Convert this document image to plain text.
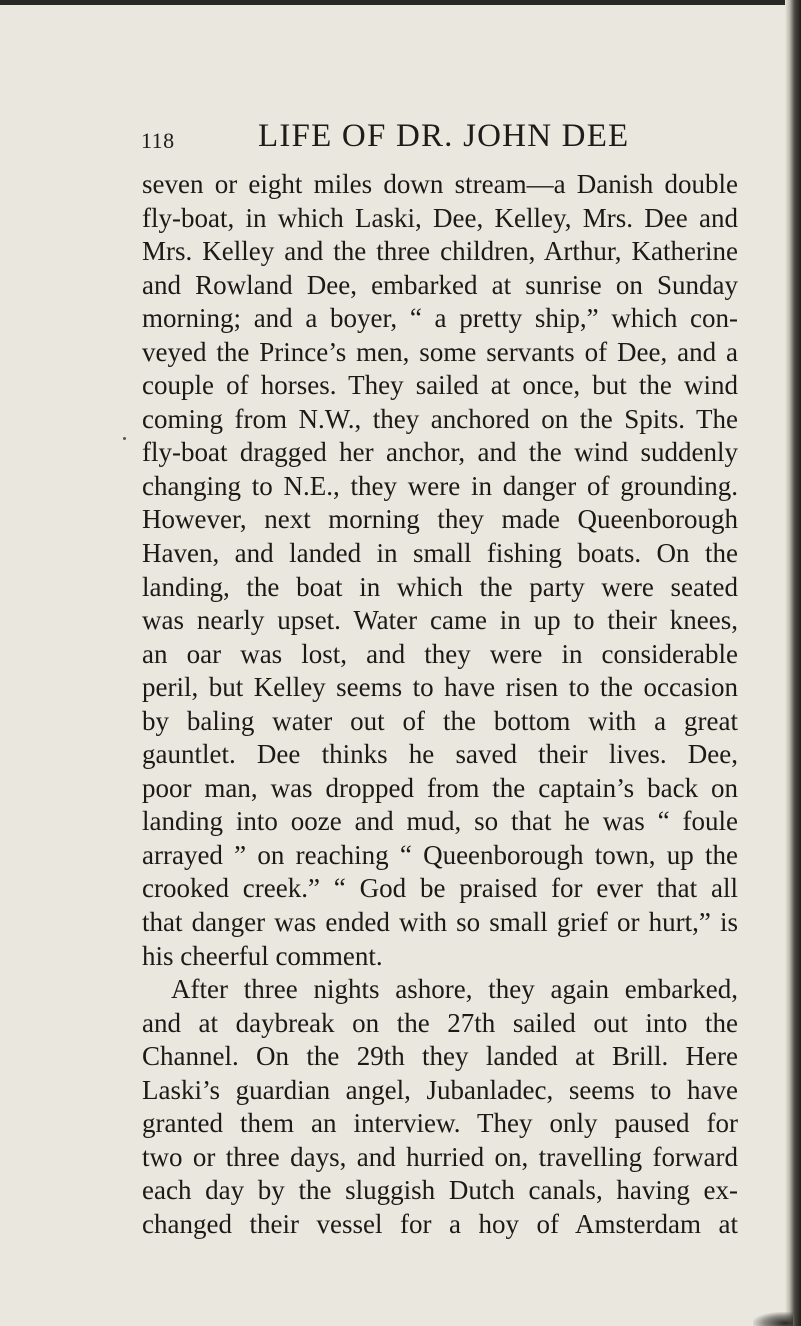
118	LIFE OF DR. JOHN DEE
seven or eight miles down stream—a Danish double
fly-boat, in which Laski, Dee, Kelley, Mrs. Dee and
Mrs. Kelley and the three children, Arthur, Katherine
and Rowland Dee, embarked at sunrise on Sunday
morning; and a boyer, “ a pretty ship,” which con-
veyed the Prince’s men, some servants of Dee, and a
couple of horses. They sailed at once, but the wind
coming from N.W., they anchored on the Spits. The
fly-boat dragged her anchor, and the wind suddenly
changing to N.E., they were in danger of grounding.
However, next morning they made Queenborough
Haven, and landed in small fishing boats. On the
landing, the boat in which the party were seated
was nearly upset. Water came in up to their knees,
an oar was lost, and they were in considerable
peril, but Kelley seems to have risen to the occasion
by baling water out of the bottom with a great
gauntlet. Dee thinks he saved their lives. Dee,
poor man, was dropped from the captain’s back on
landing into ooze and mud, so that he was “ foule
arrayed ” on reaching “ Queenborough town, up the
crooked creek.” “ God be praised for ever that all
that danger was ended with so small grief or hurt,” is
his cheerful comment.
After three nights ashore, they again embarked,
and at daybreak on the 27th sailed out into the
Channel. On the 29th they landed at Brill. Here
Laski’s guardian angel, Jubanladec, seems to have
granted them an interview. They only paused for
two or three days, and hurried on, travelling forward
each day by the sluggish Dutch canals, having ex-
changed their vessel for a hoy of Amsterdam at
